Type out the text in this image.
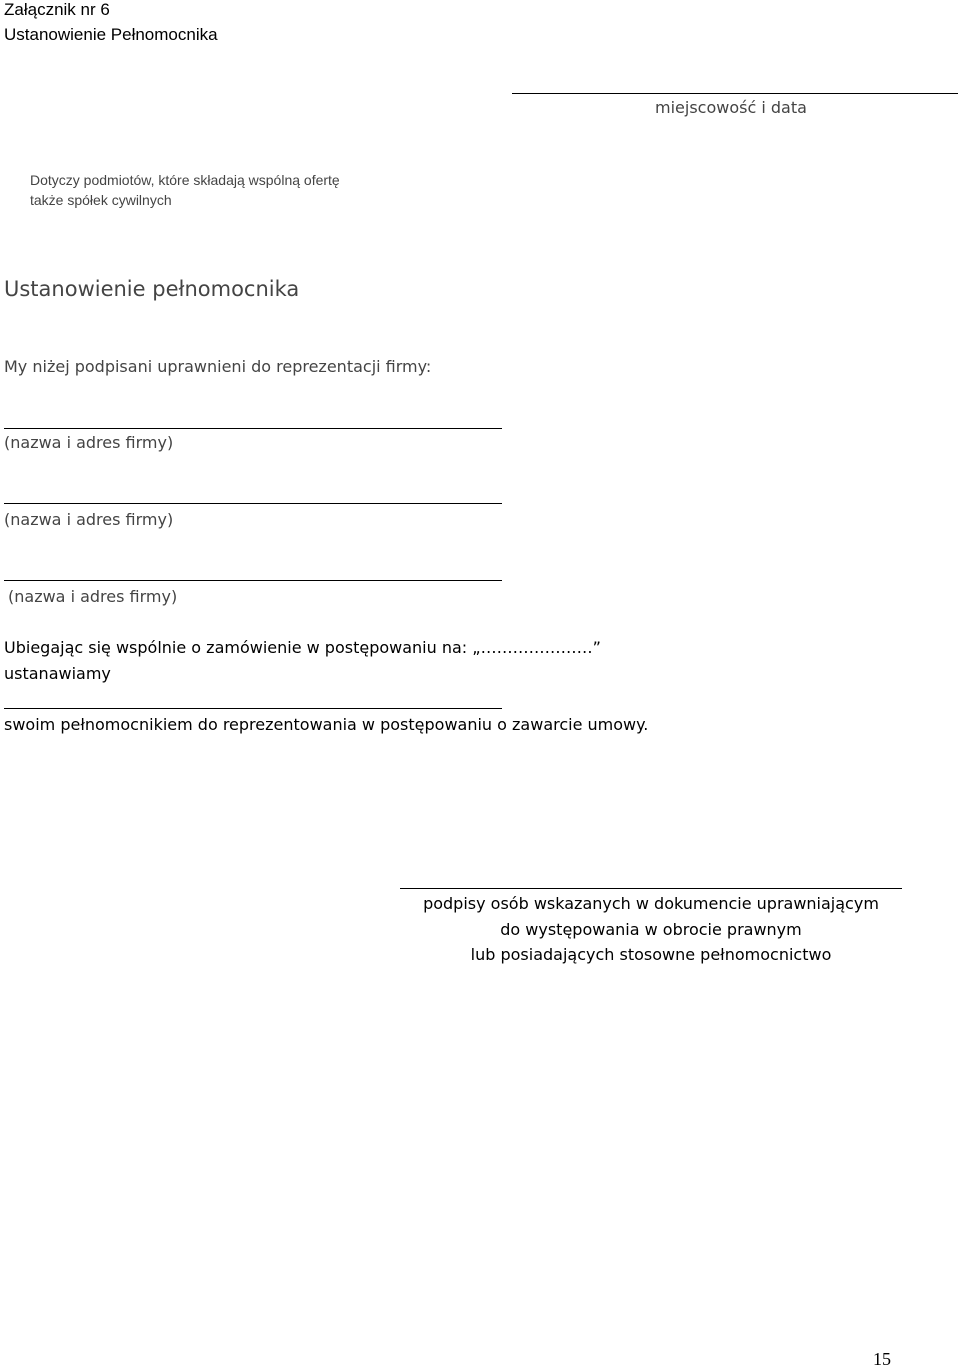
Załącznik nr 6
Ustanowienie Pełnomocnika
miejscowość i data
Dotyczy podmiotów, które składają wspólną ofertę
także spółek cywilnych
Ustanowienie pełnomocnika
My niżej podpisani uprawnieni do reprezentacji firmy:
(nazwa i adres firmy)
(nazwa i adres firmy)
(nazwa i adres firmy)
Ubiegając się wspólnie o zamówienie w postępowaniu na: „…………………”
ustanawiamy
swoim pełnomocnikiem do reprezentowania w postępowaniu o zawarcie umowy.
podpisy osób wskazanych w dokumencie uprawniającym
do występowania w obrocie prawnym
lub posiadających stosowne pełnomocnictwo
15
